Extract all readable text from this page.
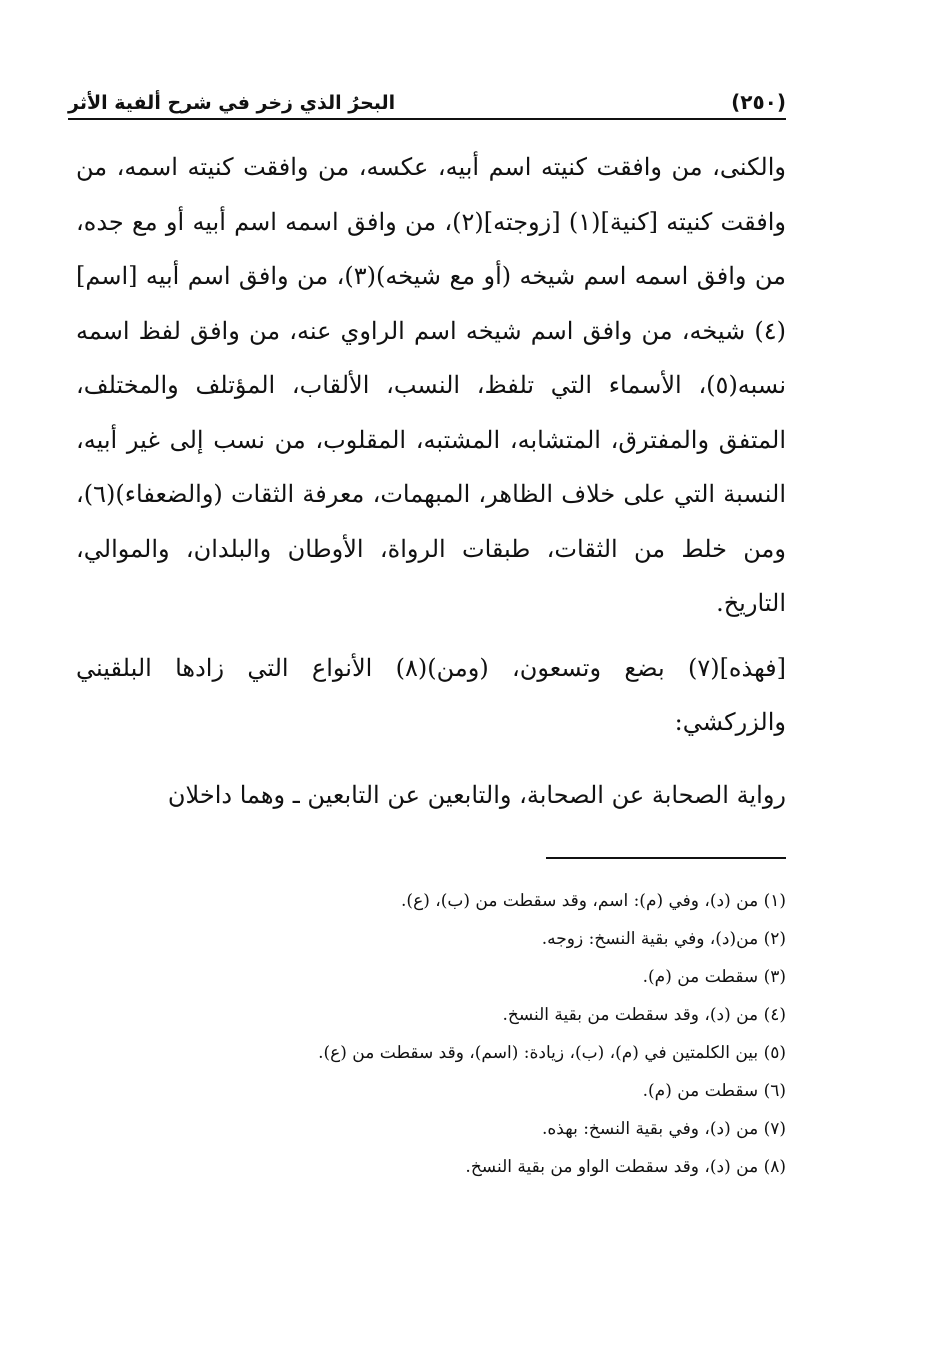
(٢٥٠)
البحرُ الذي زخر في شرح ألفية الأثر

والكنى، من وافقت كنيته اسم أبيه، عكسه، من وافقت كنيته اسمه، من وافقت كنيته [كنية](١) [زوجته](٢)، من وافق اسمه اسم أبيه أو مع جده، من وافق اسمه اسم شيخه (أو مع شيخه)(٣)، من وافق اسم أبيه [اسم](٤) شيخه، من وافق اسم شيخه اسم الراوي عنه، من وافق لفظ اسمه نسبه(٥)، الأسماء التي تلفظ، النسب، الألقاب، المؤتلف والمختلف، المتفق والمفترق، المتشابه، المشتبه، المقلوب، من نسب إلى غير أبيه، النسبة التي على خلاف الظاهر، المبهمات، معرفة الثقات (والضعفاء)(٦)، ومن خلط من الثقات، طبقات الرواة، الأوطان والبلدان، والموالي، التاريخ.

[فهذه](٧) بضع وتسعون، (ومن)(٨) الأنواع التي زادها البلقيني والزركشي:

رواية الصحابة عن الصحابة، والتابعين عن التابعين ـ وهما داخلان

(١) من (د)، وفي (م): اسم، وقد سقطت من (ب)، (ع).
(٢) من(د)، وفي بقية النسخ: زوجه.
(٣) سقطت من (م).
(٤) من (د)، وقد سقطت من بقية النسخ.
(٥) بين الكلمتين في (م)، (ب)، زيادة: (اسم)، وقد سقطت من (ع).
(٦) سقطت من (م).
(٧) من (د)، وفي بقية النسخ: بهذه.
(٨) من (د)، وقد سقطت الواو من بقية النسخ.
